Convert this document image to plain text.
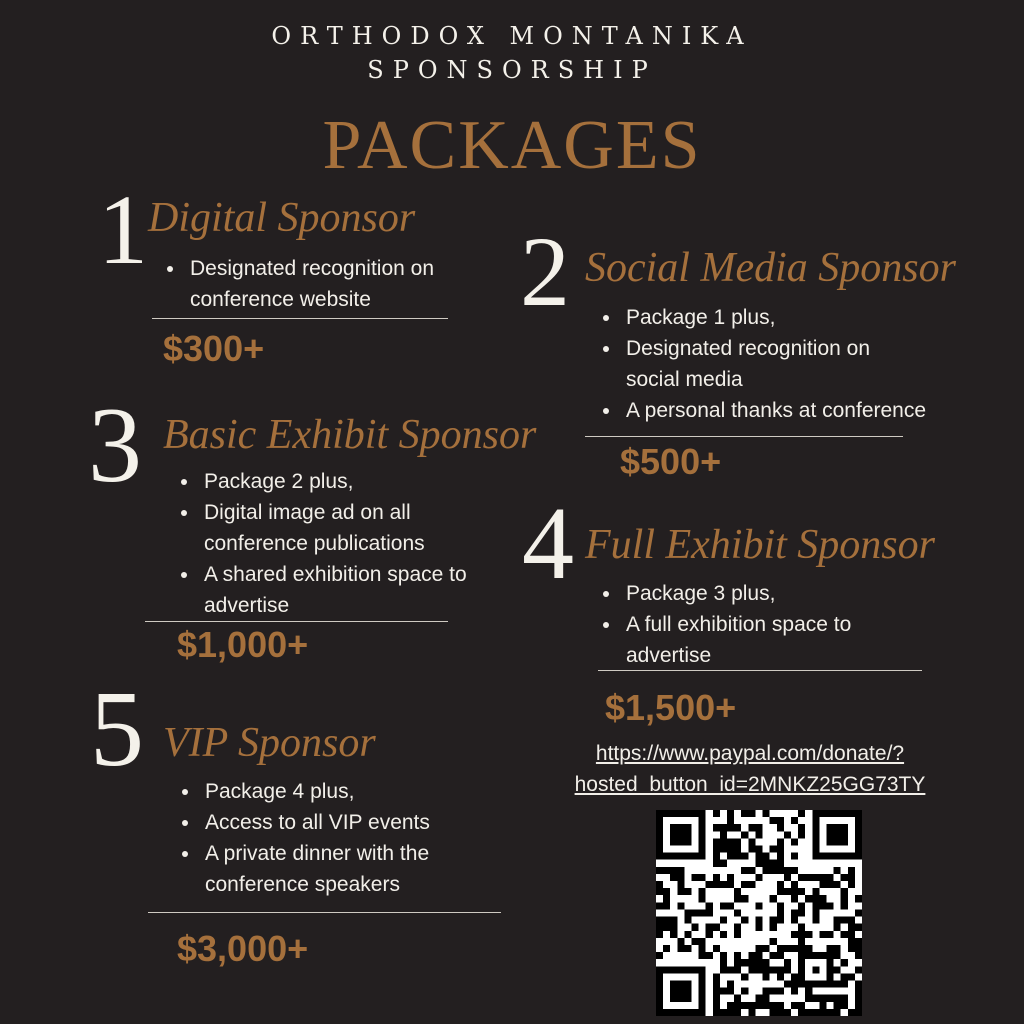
ORTHODOX MONTANIKA
SPONSORSHIP
PACKAGES
1 Digital Sponsor
• Designated recognition on conference website
$300+
2 Social Media Sponsor
• Package 1 plus,
• Designated recognition on social media
• A personal thanks at conference
$500+
3 Basic Exhibit Sponsor
• Package 2 plus,
• Digital image ad on all conference publications
• A shared exhibition space to advertise
$1,000+
4 Full Exhibit Sponsor
• Package 3 plus,
• A full exhibition space to advertise
$1,500+
5 VIP Sponsor
• Package 4 plus,
• Access to all VIP events
• A private dinner with the conference speakers
$3,000+
https://www.paypal.com/donate/?
hosted_button_id=2MNKZ25GG73TY
